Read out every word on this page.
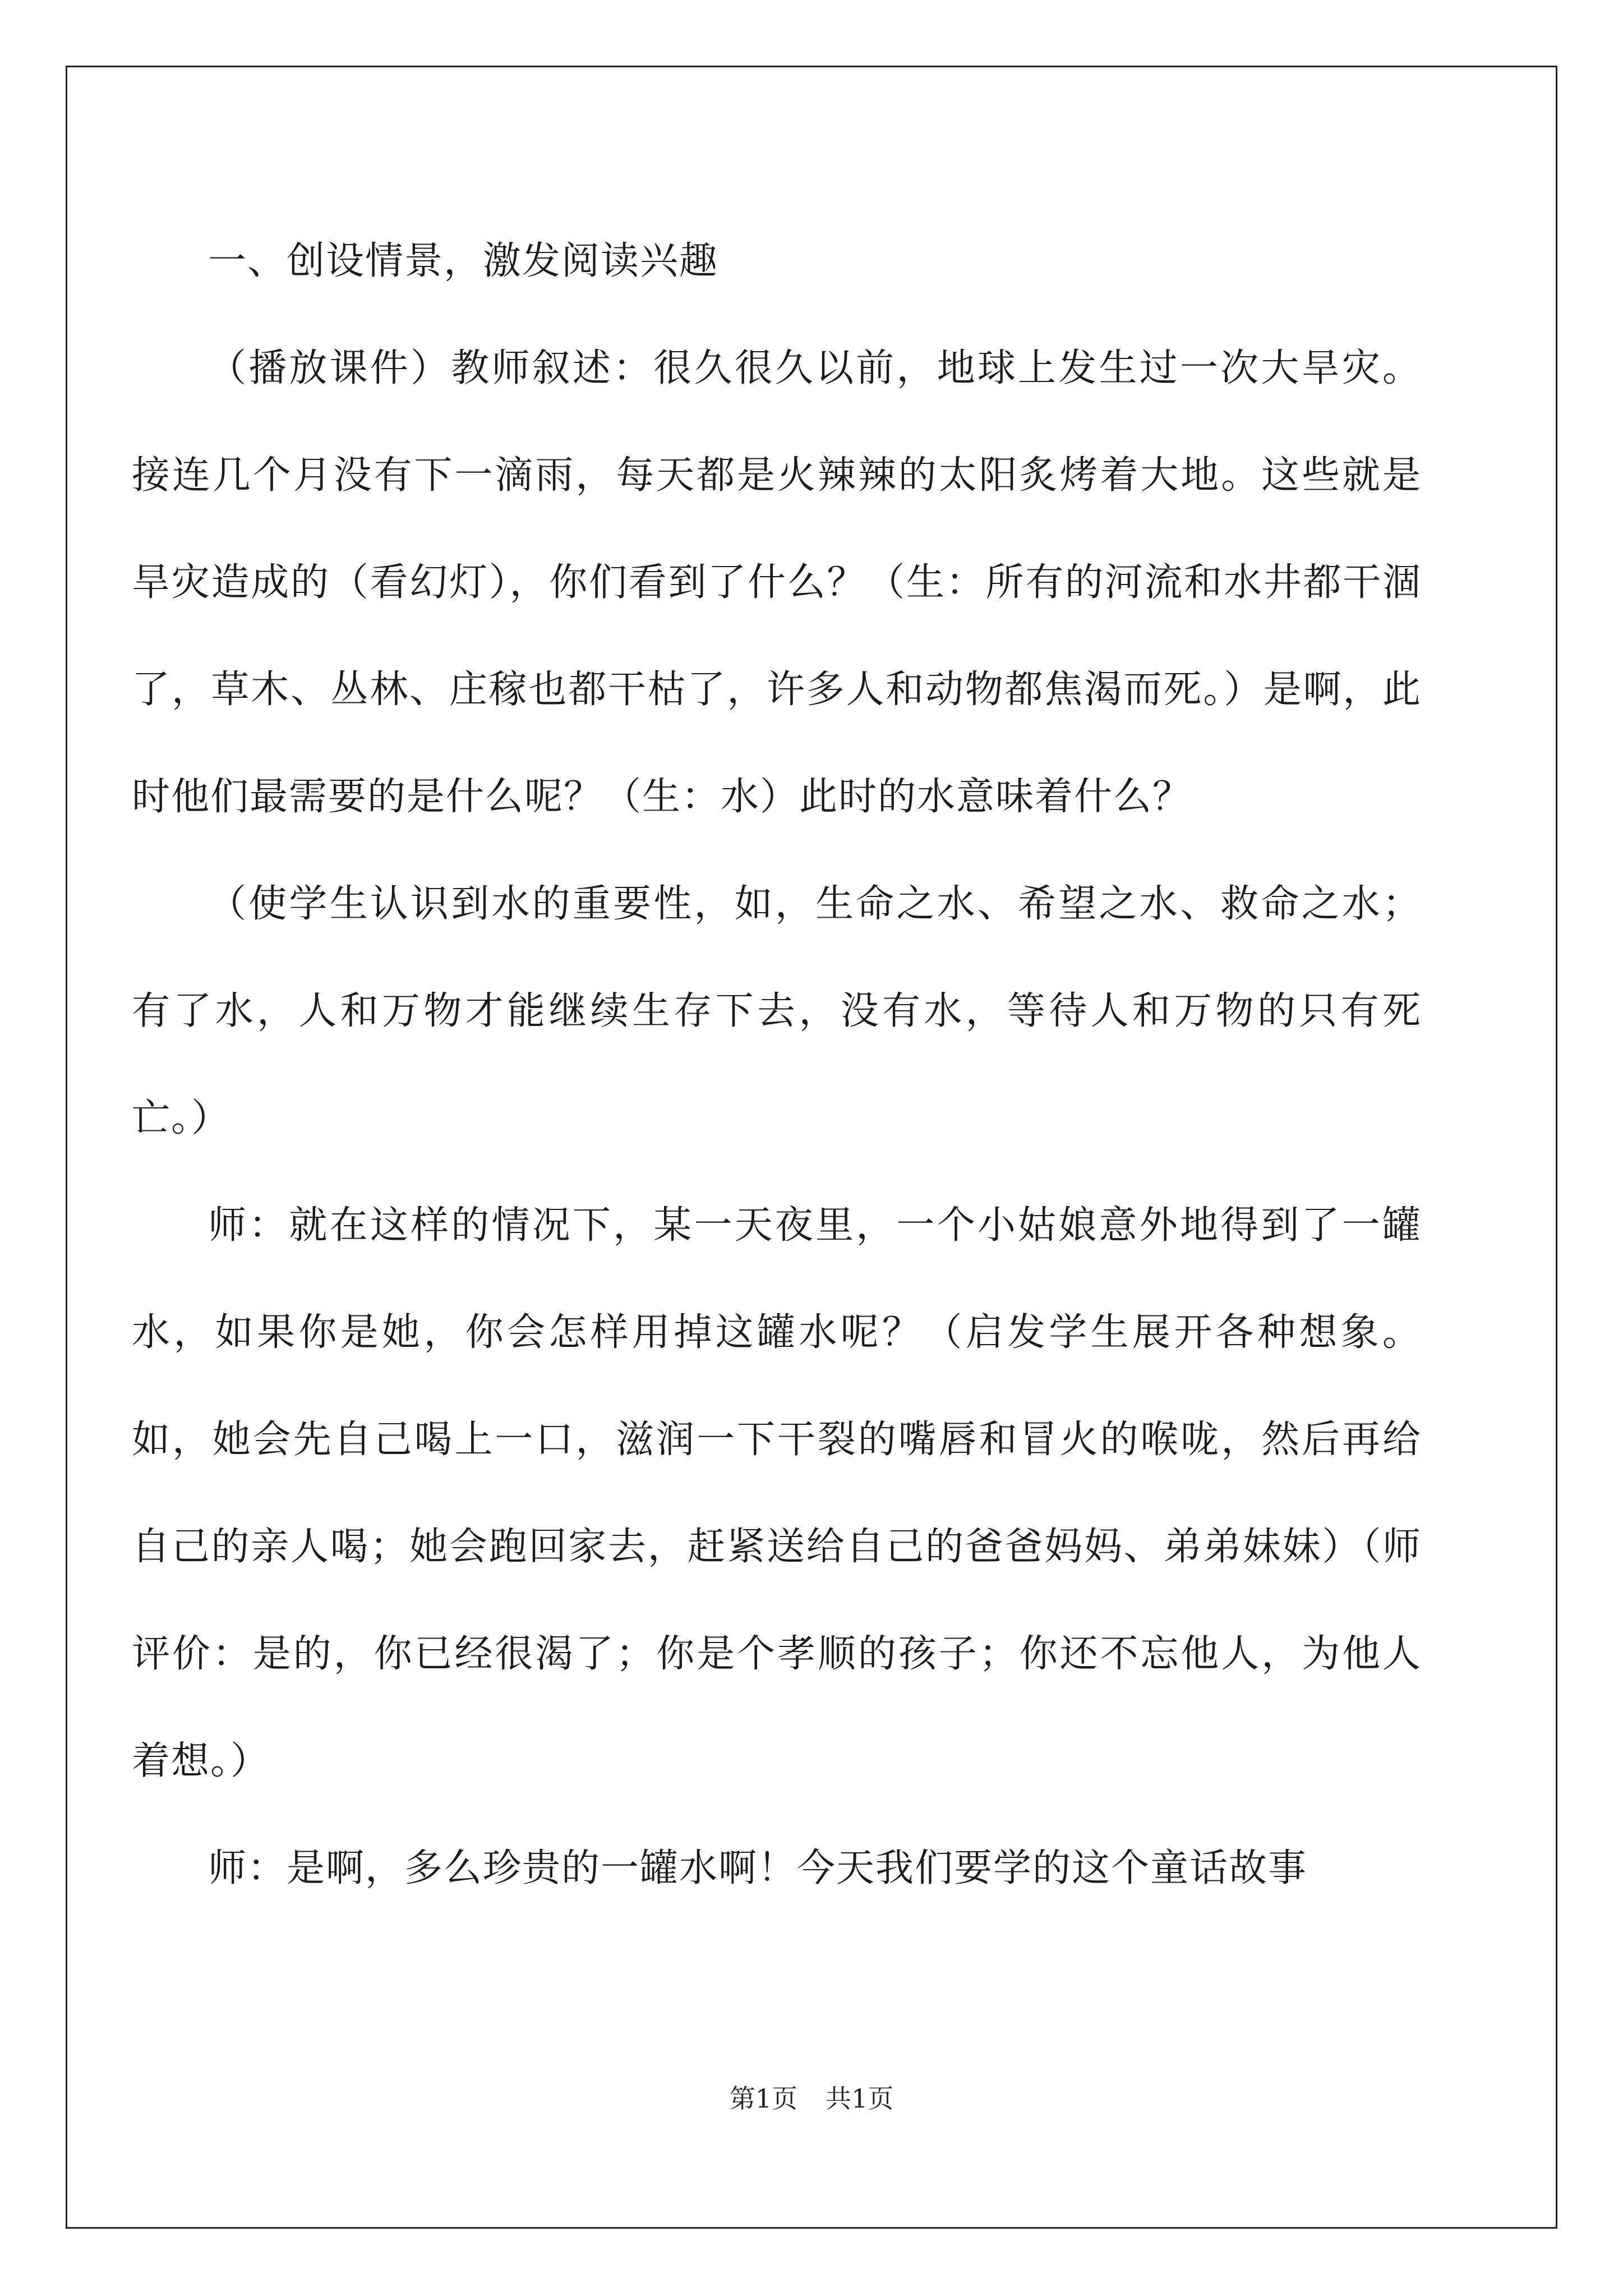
一、创设情景，激发阅读兴趣

（播放课件）教师叙述：很久很久以前，地球上发生过一次大旱灾。接连几个月没有下一滴雨，每天都是火辣辣的太阳炙烤着大地。这些就是旱灾造成的（看幻灯），你们看到了什么？（生：所有的河流和水井都干涸了，草木、丛林、庄稼也都干枯了，许多人和动物都焦渴而死。）是啊，此时他们最需要的是什么呢？（生：水）此时的水意味着什么？

（使学生认识到水的重要性，如，生命之水、希望之水、救命之水；有了水，人和万物才能继续生存下去，没有水，等待人和万物的只有死亡。）

师：就在这样的情况下，某一天夜里，一个小姑娘意外地得到了一罐水，如果你是她，你会怎样用掉这罐水呢？（启发学生展开各种想象。如，她会先自己喝上一口，滋润一下干裂的嘴唇和冒火的喉咙，然后再给自己的亲人喝；她会跑回家去，赶紧送给自己的爸爸妈妈、弟弟妹妹）（师评价：是的，你已经很渴了；你是个孝顺的孩子；你还不忘他人，为他人着想。）

师：是啊，多么珍贵的一罐水啊！今天我们要学的这个童话故事

第1页 共1页
